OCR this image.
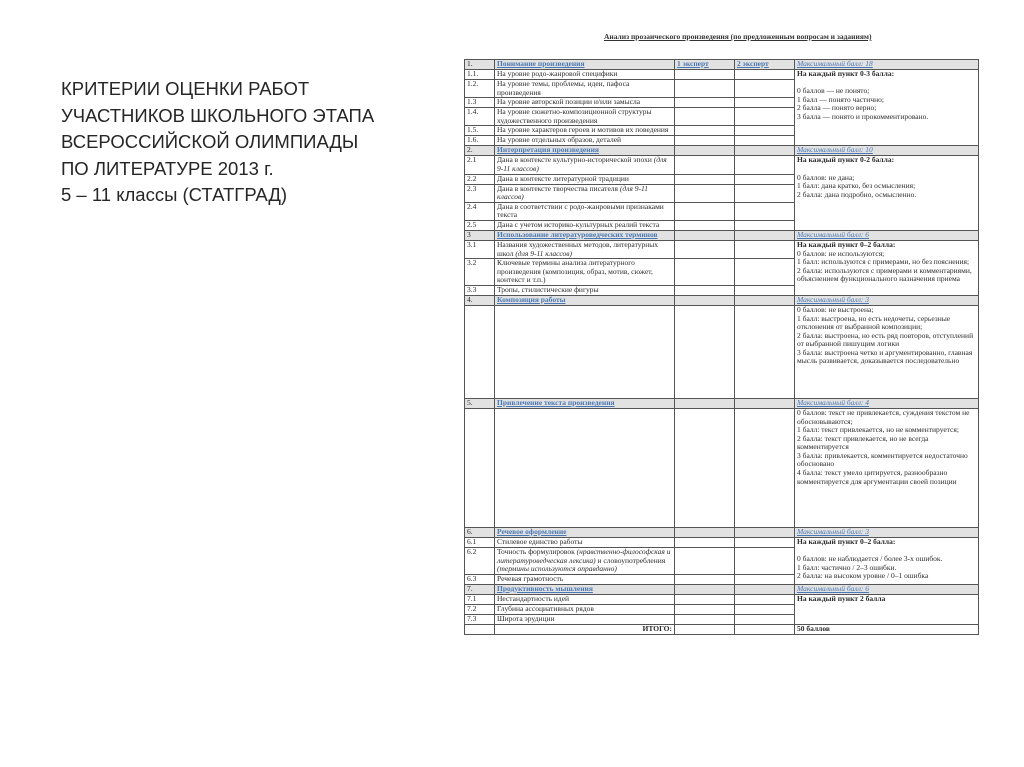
КРИТЕРИИ ОЦЕНКИ РАБОТ
УЧАСТНИКОВ ШКОЛЬНОГО ЭТАПА
ВСЕРОССИЙСКОЙ ОЛИМПИАДЫ
ПО ЛИТЕРАТУРЕ 2013 г.
5 – 11 классы (СТАТГРАД)
Анализ прозаического произведения (по предложенным вопросам и заданиям)
1.	Понимание произведения	1 эксперт	2 эксперт	Максимальный балл: 18
1.1.	На уровне родо-жанровой специфики			На каждый пункт 0-3 балла:

0 баллов — не понято;
1 балл — понято частично;
2 балла — понято верно;
3 балла — понято и прокомментировано.

1.2.	На уровне темы, проблемы, идеи, пафоса произведения			
1.3	На уровне авторской позиции и/или замысла			
1.4.	На уровне сюжетно-композиционной структуры художественного произведения			
1.5.	На уровне характеров героев и мотивов их поведения			
1.6.	На уровне отдельных образов, деталей			
2.	Интерпретация произведения			Максимальный балл: 10
2.1	Дана в контексте культурно-исторической эпохи (для 9-11 классов)			На каждый пункт 0-2 балла:

0 баллов: не дана;
1 балл: дана кратко, без осмысления;
2 балла: дана подробно, осмысленно.

2.2	Дана в контексте литературной традиции			
2.3	Дана в контексте творчества писателя (для 9-11 классов)			
2.4	Дана в соответствии с родо-жанровыми признаками текста			
2.5	Дана с учетом историко-культурных реалий текста			
3	Использование литературоведческих терминов			Максимальный балл: 6
3.1	Названия художественных методов, литературных школ (для 9-11 классов)			На каждый пункт 0–2 балла:
0 баллов: не используются;
1 балл: используются с примерами, но без пояснения;
2 балла: используются с примерами и комментариями, объяснением функционального назначения приема

3.2	Ключевые термины анализа литературного произведения (композиция, образ, мотив, сюжет, контекст и т.п.)			
3.3	Тропы, стилистические фигуры			
4.	Композиция работы			Максимальный балл: 3

				0 баллов: не выстроена;
1 балл: выстроена, но есть недочеты, серьезные отклонения от выбранной композиции;
2 балла: выстроена, но есть ряд повторов, отступлений от выбранной пишущим логики
3 балла: выстроена четко и аргументированно, главная мысль развивается, доказывается последовательно

5.	Привлечение текста произведения			Максимальный балл: 4

				0 баллов: текст не привлекается, суждения текстом не обосновываются;
1 балл: текст привлекается, но не комментируется;
2 балла: текст привлекается, но не всегда комментируется
3 балла: привлекается, комментируется недостаточно обосновано
4 балла: текст умело цитируется, разнообразно комментируется для аргументации своей позиции

6.	Речевое оформление			Максимальный балл: 3
6.1	Стилевое единство работы			На каждый пункт 0–2 балла:

0 баллов: не наблюдается / более 3-х ошибок.
1 балл: частично / 2–3 ошибки.
2 балла: на высоком уровне / 0–1 ошибка

6.2	Точность формулировок (нравственно-философская и литературоведческая лексика) и словоупотребления (термины используются оправданно)			
6.3	Речевая грамотность			
7.	Продуктивность мышления			Максимальный балл: 6
7.1	Нестандартность идей			На каждый пункт 2 балла

7.2	Глубина ассоциативных рядов			
7.3	Широта эрудиции			
	ИТОГО:			50 баллов
